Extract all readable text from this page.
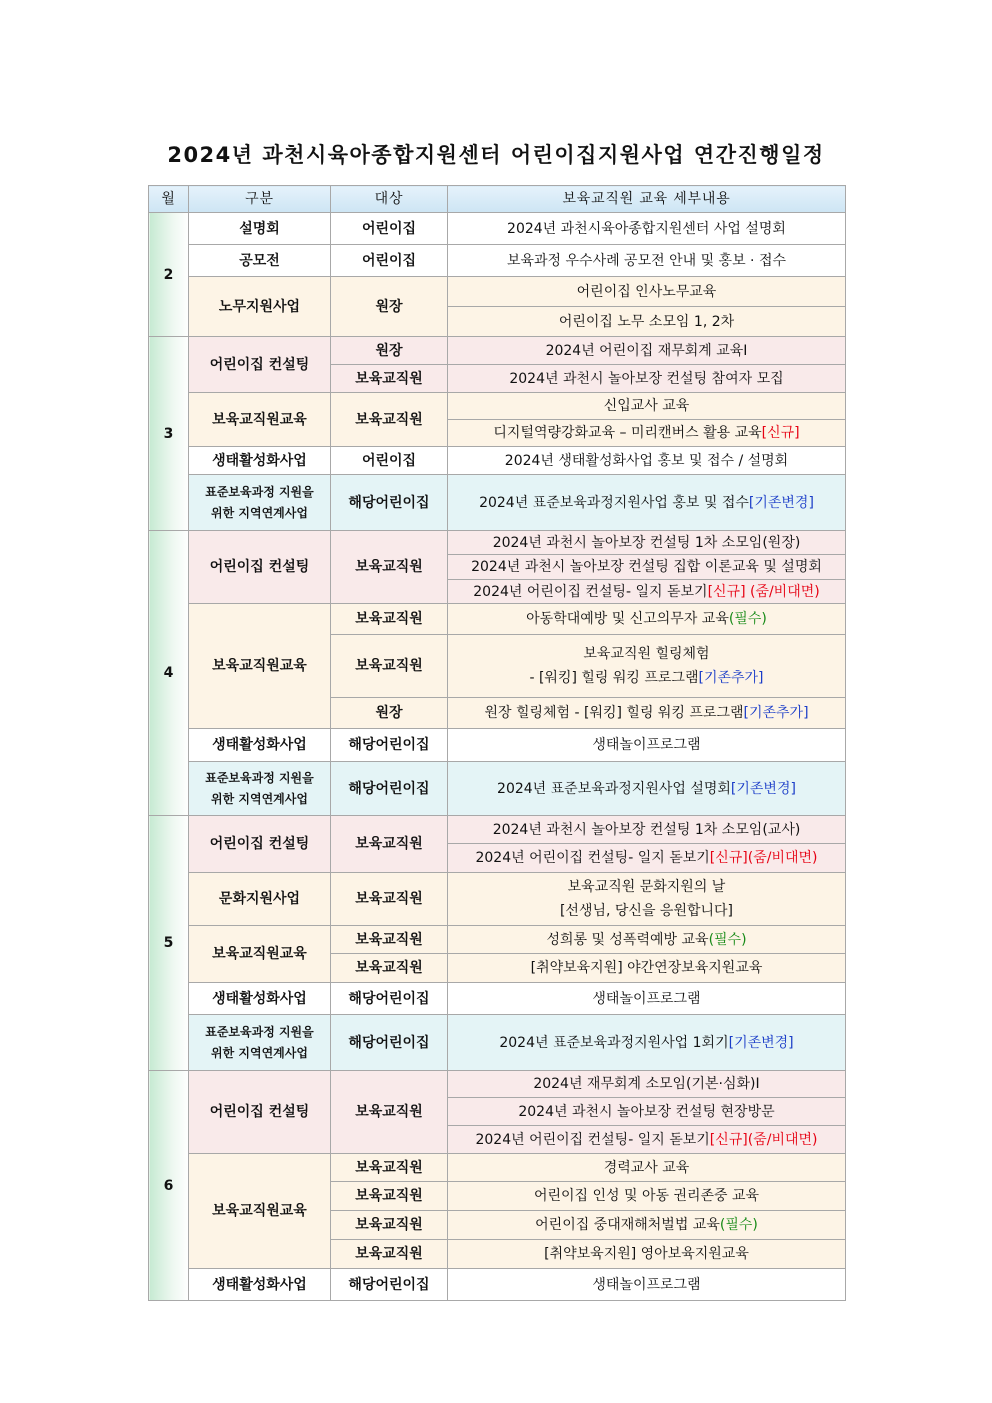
2024년 과천시육아종합지원센터 어린이집지원사업 연간진행일정
월	구분	대상	보육교직원 교육 세부내용
2	설명회	어린이집	2024년 과천시육아종합지원센터 사업 설명회
	공모전	어린이집	보육과정 우수사례 공모전 안내 및 홍보 · 접수
	노무지원사업	원장	어린이집 인사노무교육
			어린이집 노무 소모임 1, 2차
3	어린이집 컨설팅	원장	2024년 어린이집 재무회계 교육Ⅰ
		보육교직원	2024년 과천시 놀아보장 컨설팅 참여자 모집
	보육교직원교육	보육교직원	신입교사 교육
			디지털역량강화교육 – 미리캔버스 활용 교육[신규]
	생태활성화사업	어린이집	2024년 생태활성화사업 홍보 및 접수 / 설명회
	표준보육과정 지원을
위한 지역연계사업	해당어린이집	2024년 표준보육과정지원사업 홍보 및 접수[기존변경]
4	어린이집 컨설팅	보육교직원	2024년 과천시 놀아보장 컨설팅 1차 소모임(원장)
			2024년 과천시 놀아보장 컨설팅 집합 이론교육 및 설명회
			2024년 어린이집 컨설팅- 일지 돋보기[신규] (줌/비대면)
	보육교직원교육	보육교직원	아동학대예방 및 신고의무자 교육(필수)
		보육교직원	보육교직원 힐링체험
- [워킹] 힐링 워킹 프로그램[기존추가]
		원장	원장 힐링체험 - [워킹] 힐링 워킹 프로그램[기존추가]
	생태활성화사업	해당어린이집	생태놀이프로그램
	표준보육과정 지원을
위한 지역연계사업	해당어린이집	2024년 표준보육과정지원사업 설명회[기존변경]
5	어린이집 컨설팅	보육교직원	2024년 과천시 놀아보장 컨설팅 1차 소모임(교사)
			2024년 어린이집 컨설팅- 일지 돋보기[신규](줌/비대면)
	문화지원사업	보육교직원	보육교직원 문화지원의 날
[선생님, 당신을 응원합니다]
	보육교직원교육	보육교직원	성희롱 및 성폭력예방 교육(필수)
		보육교직원	[취약보육지원] 야간연장보육지원교육
	생태활성화사업	해당어린이집	생태놀이프로그램
	표준보육과정 지원을
위한 지역연계사업	해당어린이집	2024년 표준보육과정지원사업 1회기[기존변경]
6	어린이집 컨설팅	보육교직원	2024년 재무회계 소모임(기본·심화)Ⅰ
			2024년 과천시 놀아보장 컨설팅 현장방문
			2024년 어린이집 컨설팅- 일지 돋보기[신규](줌/비대면)
	보육교직원교육	보육교직원	경력교사 교육
		보육교직원	어린이집 인성 및 아동 권리존중 교육
		보육교직원	어린이집 중대재해처벌법 교육(필수)
		보육교직원	[취약보육지원] 영아보육지원교육
	생태활성화사업	해당어린이집	생태놀이프로그램
